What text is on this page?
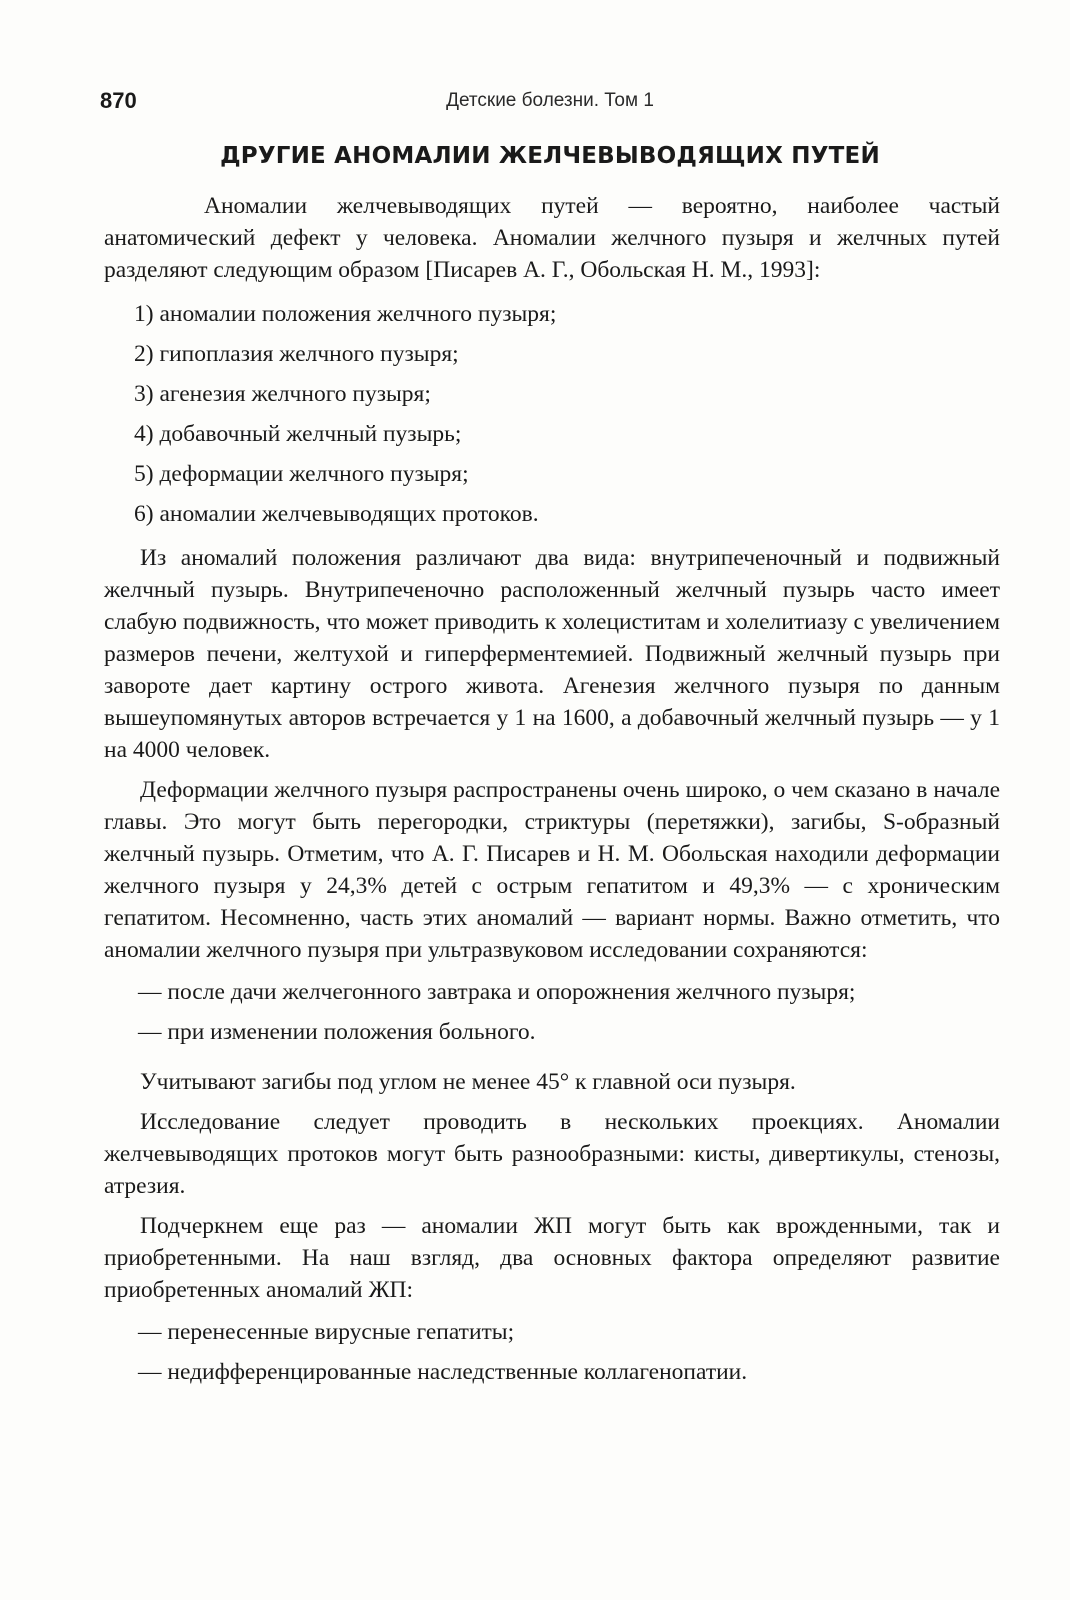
870	Детские болезни. Том 1
ДРУГИЕ АНОМАЛИИ ЖЕЛЧЕВЫВОДЯЩИХ ПУТЕЙ

Аномалии желчевыводящих путей — вероятно, наиболее частый анатомический дефект у человека. Аномалии желчного пузыря и желчных путей разделяют следующим образом [Писарев А. Г., Обольская Н. М., 1993]:

1) аномалии положения желчного пузыря;
2) гипоплазия желчного пузыря;
3) агенезия желчного пузыря;
4) добавочный желчный пузырь;
5) деформации желчного пузыря;
6) аномалии желчевыводящих протоков.

Из аномалий положения различают два вида: внутрипеченочный и подвижный желчный пузырь. Внутрипеченочно расположенный желчный пузырь часто имеет слабую подвижность, что может приводить к холециститам и холелитиазу с увеличением размеров печени, желтухой и гиперферментемией. Подвижный желчный пузырь при завороте дает картину острого живота. Агенезия желчного пузыря по данным вышеупомянутых авторов встречается у 1 на 1600, а добавочный желчный пузырь — у 1 на 4000 человек.

Деформации желчного пузыря распространены очень широко, о чем сказано в начале главы. Это могут быть перегородки, стриктуры (перетяжки), загибы, S-образный желчный пузырь. Отметим, что А. Г. Писарев и Н. М. Обольская находили деформации желчного пузыря у 24,3% детей с острым гепатитом и 49,3% — с хроническим гепатитом. Несомненно, часть этих аномалий — вариант нормы. Важно отметить, что аномалии желчного пузыря при ультразвуковом исследовании сохраняются:

— после дачи желчегонного завтрака и опорожнения желчного пузыря;
— при изменении положения больного.

Учитывают загибы под углом не менее 45° к главной оси пузыря.

Исследование следует проводить в нескольких проекциях. Аномалии желчевыводящих протоков могут быть разнообразными: кисты, дивертикулы, стенозы, атрезия.

Подчеркнем еще раз — аномалии ЖП могут быть как врожденными, так и приобретенными. На наш взгляд, два основных фактора определяют развитие приобретенных аномалий ЖП:

— перенесенные вирусные гепатиты;
— недифференцированные наследственные коллагенопатии.
